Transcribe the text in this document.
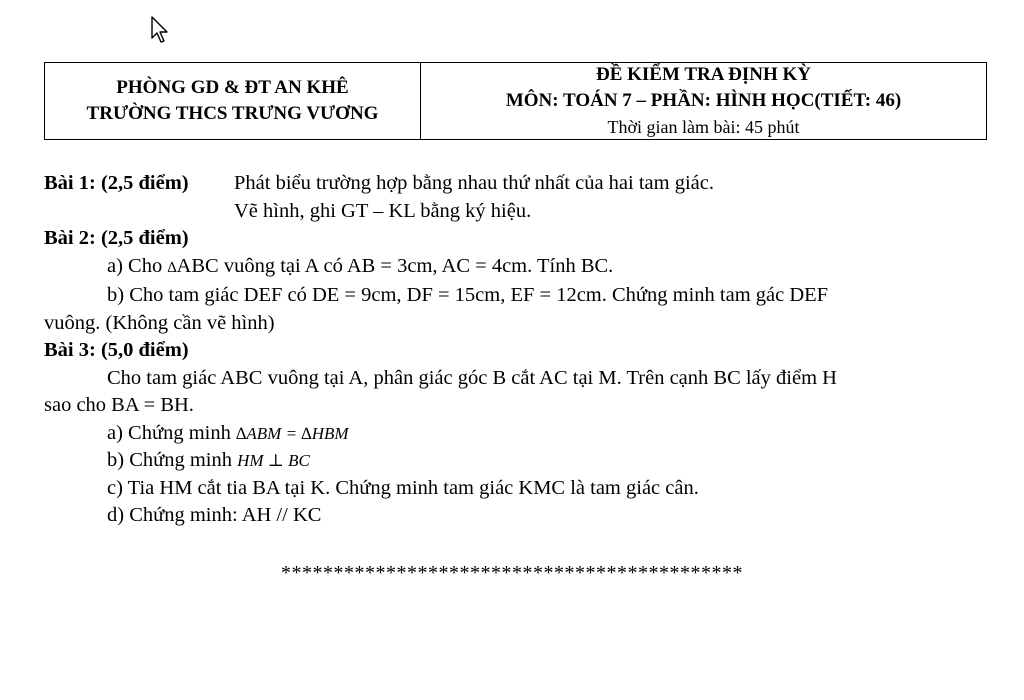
PHÒNG GD & ĐT AN KHÊ
TRƯỜNG THCS TRƯNG VƯƠNG
ĐỀ KIỂM TRA ĐỊNH KỲ
MÔN: TOÁN 7 – PHẦN: HÌNH HỌC(TIẾT: 46)
Thời gian làm bài: 45 phút
Bài 1: (2,5 điểm)	Phát biểu trường hợp bằng nhau thứ nhất của hai tam giác.
Vẽ hình, ghi GT – KL bằng ký hiệu.
Bài 2: (2,5 điểm)
a) Cho ∆ABC vuông tại A có AB = 3cm, AC = 4cm. Tính BC.
b) Cho tam giác DEF có DE = 9cm, DF = 15cm, EF = 12cm. Chứng minh tam gác DEF
vuông. (Không cần vẽ hình)
Bài 3: (5,0 điểm)
Cho tam giác ABC vuông tại A, phân giác góc B cắt AC tại M. Trên cạnh BC lấy điểm H
sao cho BA = BH.
a) Chứng minh ∆ABM = ∆HBM
b) Chứng minh HM ⊥ BC
c) Tia HM cắt tia BA tại K. Chứng minh tam giác KMC là tam giác cân.
d) Chứng minh: AH // KC
********************************************
